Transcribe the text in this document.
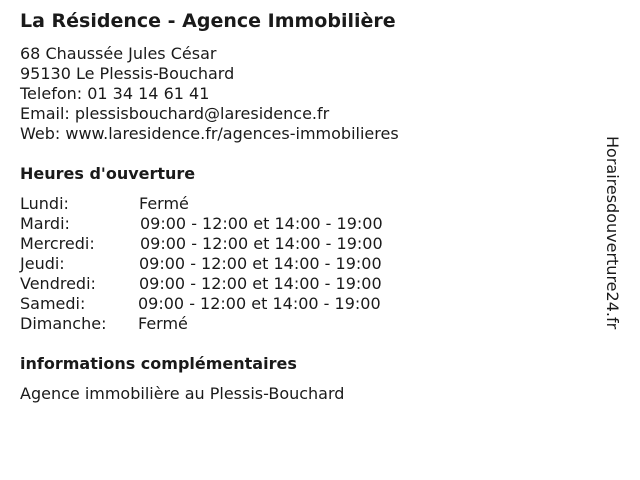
La Résidence - Agence Immobilière
68 Chaussée Jules César
95130 Le Plessis-Bouchard
Telefon: 01 34 14 61 41
Email: plessisbouchard@laresidence.fr
Web: www.laresidence.fr/agences-immobilieres
Heures d'ouverture
Lundi:	Fermé
Mardi:	09:00 - 12:00 et 14:00 - 19:00
Mercredi:	09:00 - 12:00 et 14:00 - 19:00
Jeudi:	09:00 - 12:00 et 14:00 - 19:00
Vendredi:	09:00 - 12:00 et 14:00 - 19:00
Samedi:	09:00 - 12:00 et 14:00 - 19:00
Dimanche: Fermé
informations complémentaires
Agence immobilière au Plessis-Bouchard
Horairesdouverture24.fr
